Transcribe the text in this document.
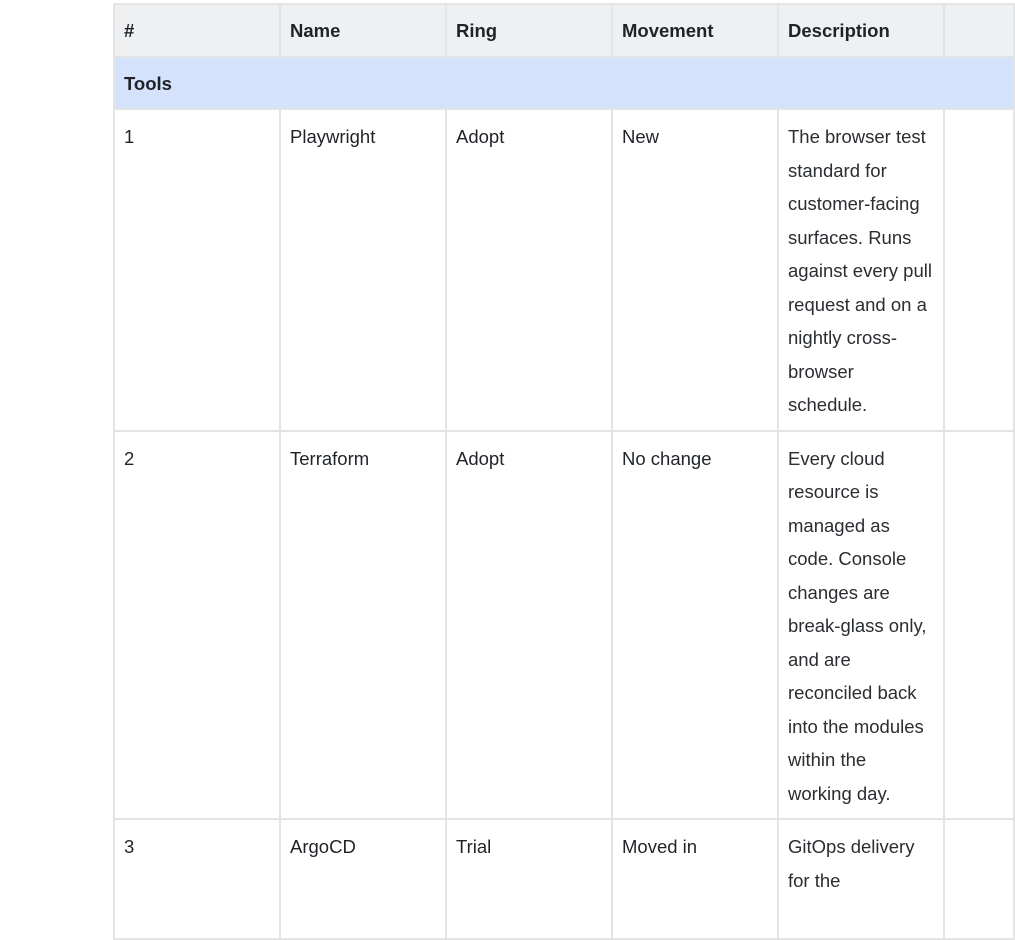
#	Name	Ring	Movement	Description	
Tools					
1	Playwright	Adopt	New	The browser test standard for customer-facing surfaces. Runs against every pull request and on a nightly cross-browser schedule.	
2	Terraform	Adopt	No change	Every cloud resource is managed as code. Console changes are break-glass only, and are reconciled back into the modules within the working day.	
3	ArgoCD	Trial	Moved in	GitOps delivery for the	
